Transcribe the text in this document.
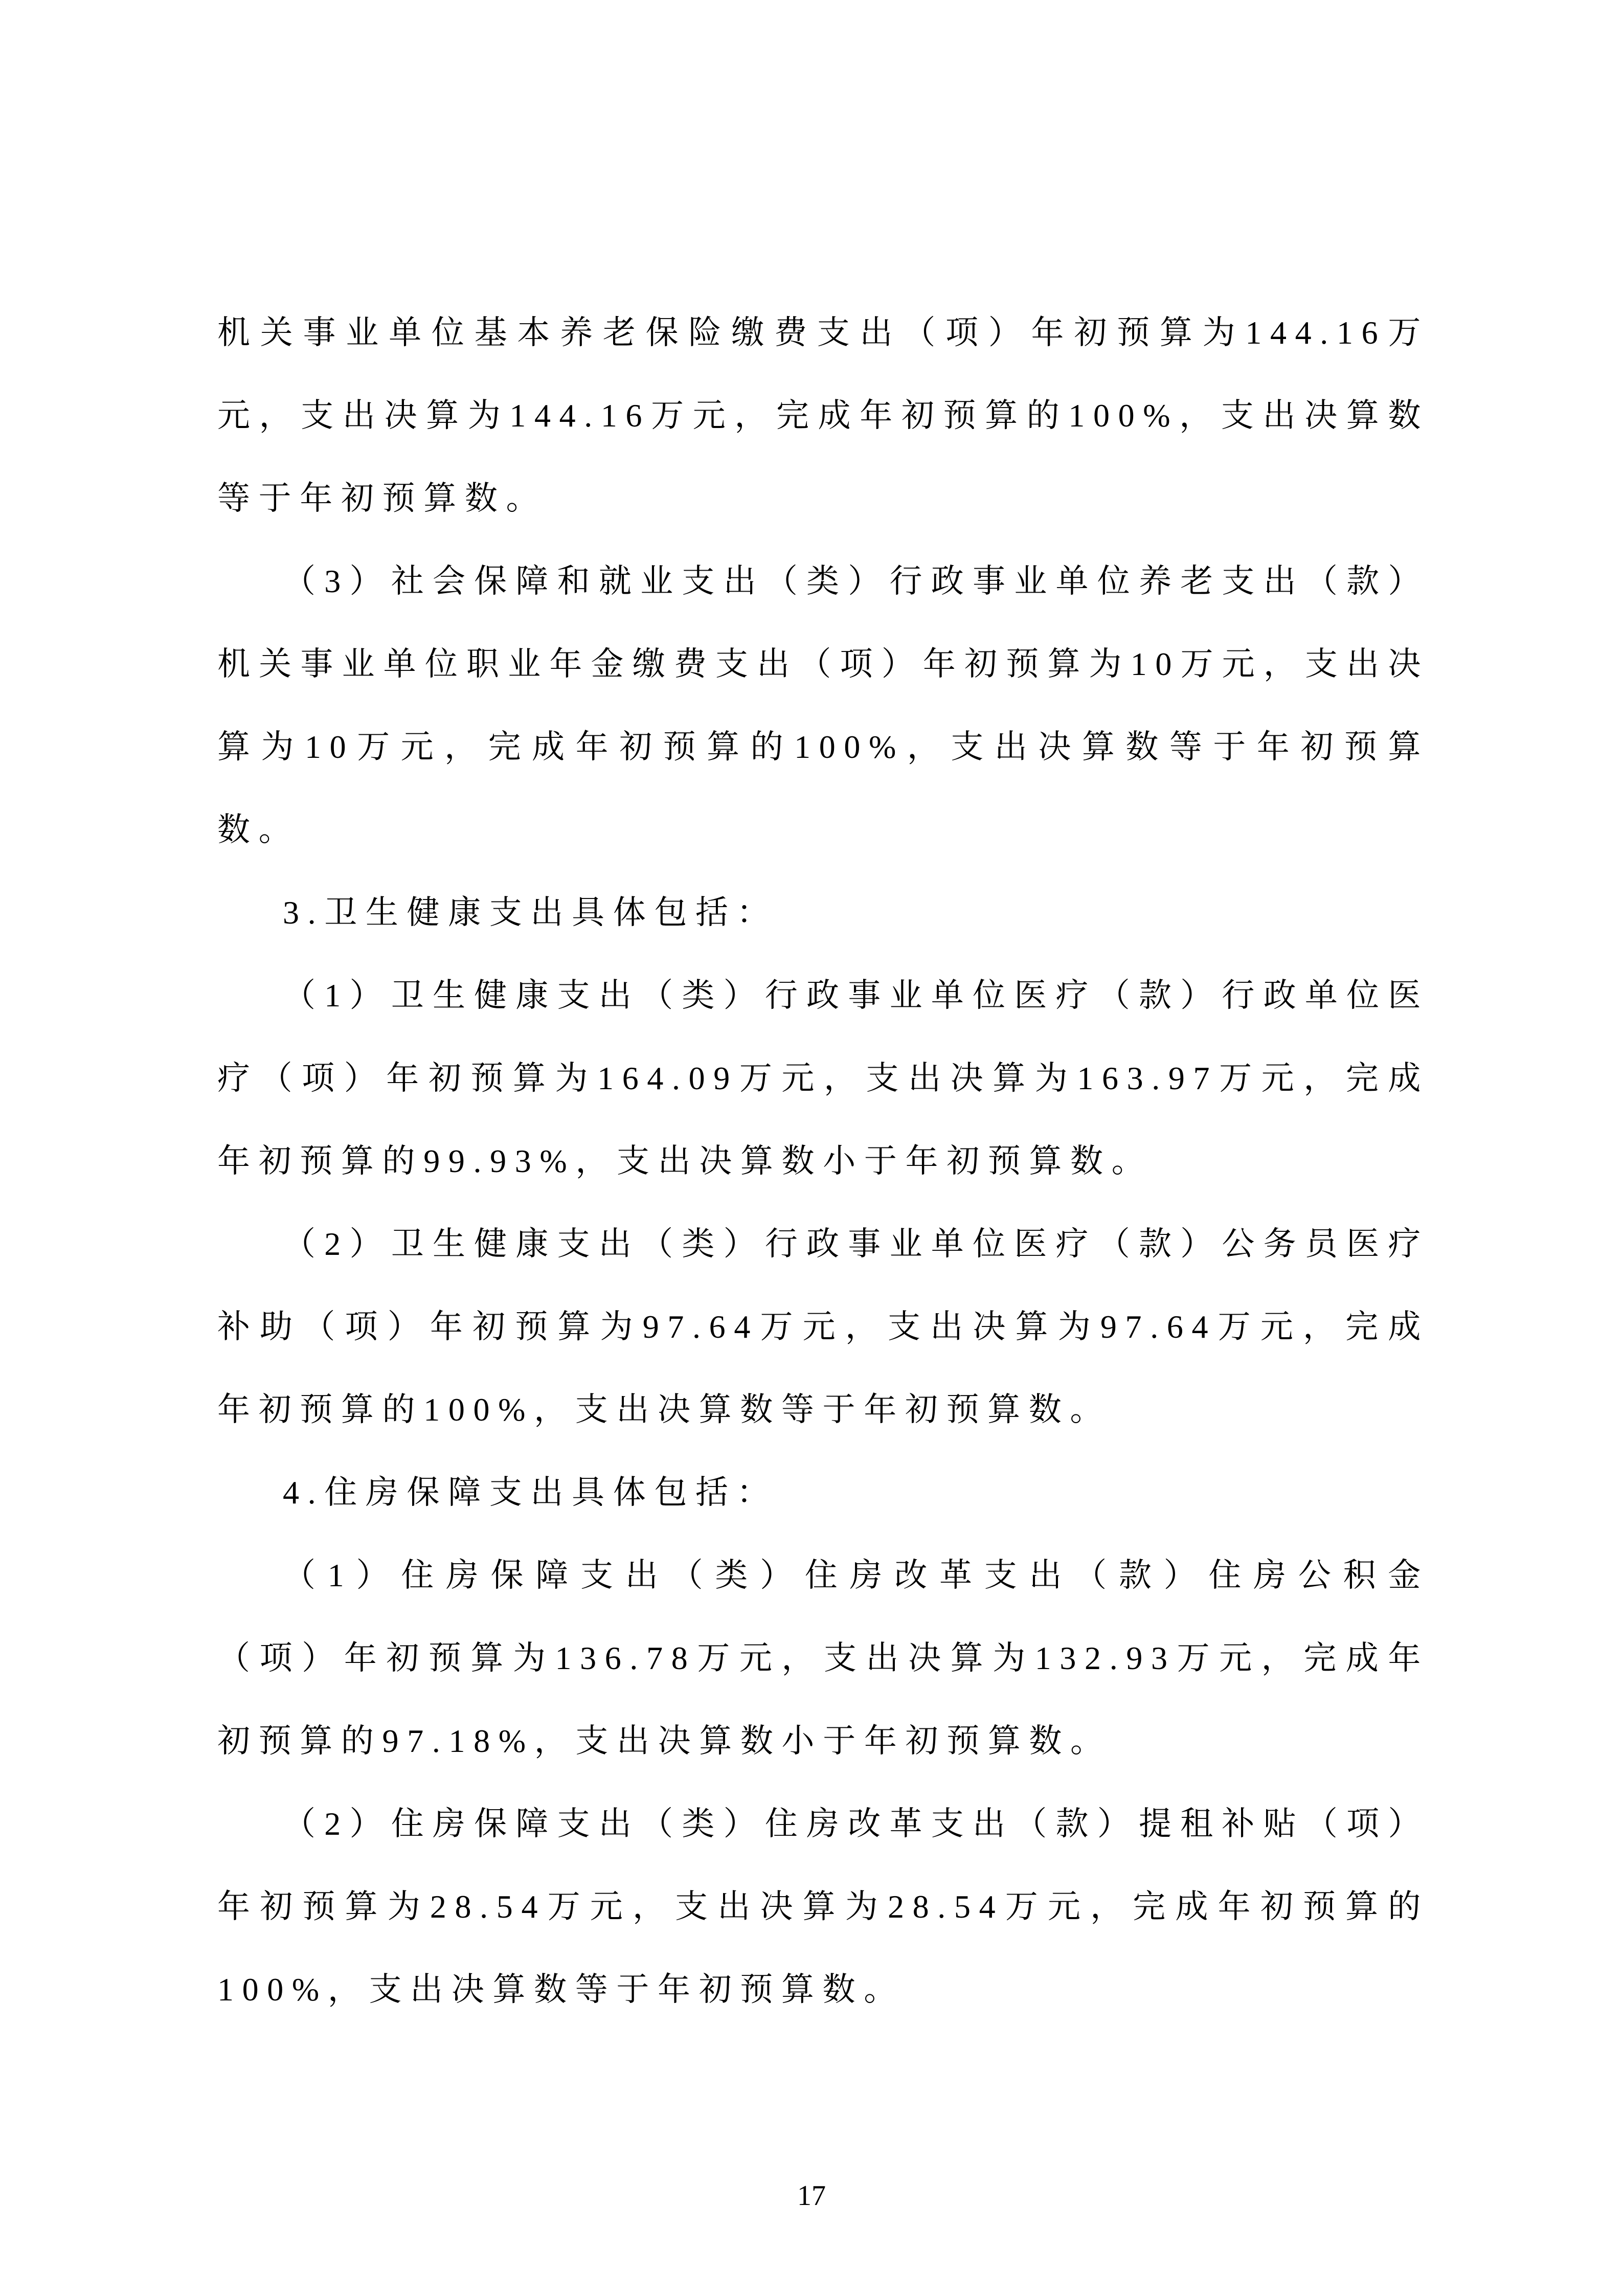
机关事业单位基本养老保险缴费支出（项）年初预算为144.16万元，支出决算为144.16万元，完成年初预算的100%，支出决算数等于年初预算数。

（3）社会保障和就业支出（类）行政事业单位养老支出（款）机关事业单位职业年金缴费支出（项）年初预算为10万元，支出决算为10万元，完成年初预算的100%，支出决算数等于年初预算数。

3.卫生健康支出具体包括：

（1）卫生健康支出（类）行政事业单位医疗（款）行政单位医疗（项）年初预算为164.09万元，支出决算为163.97万元，完成年初预算的99.93%，支出决算数小于年初预算数。

（2）卫生健康支出（类）行政事业单位医疗（款）公务员医疗补助（项）年初预算为97.64万元，支出决算为97.64万元，完成年初预算的100%，支出决算数等于年初预算数。

4.住房保障支出具体包括：

（1）住房保障支出（类）住房改革支出（款）住房公积金（项）年初预算为136.78万元，支出决算为132.93万元，完成年初预算的97.18%，支出决算数小于年初预算数。

（2）住房保障支出（类）住房改革支出（款）提租补贴（项）年初预算为28.54万元，支出决算为28.54万元，完成年初预算的100%，支出决算数等于年初预算数。

17
